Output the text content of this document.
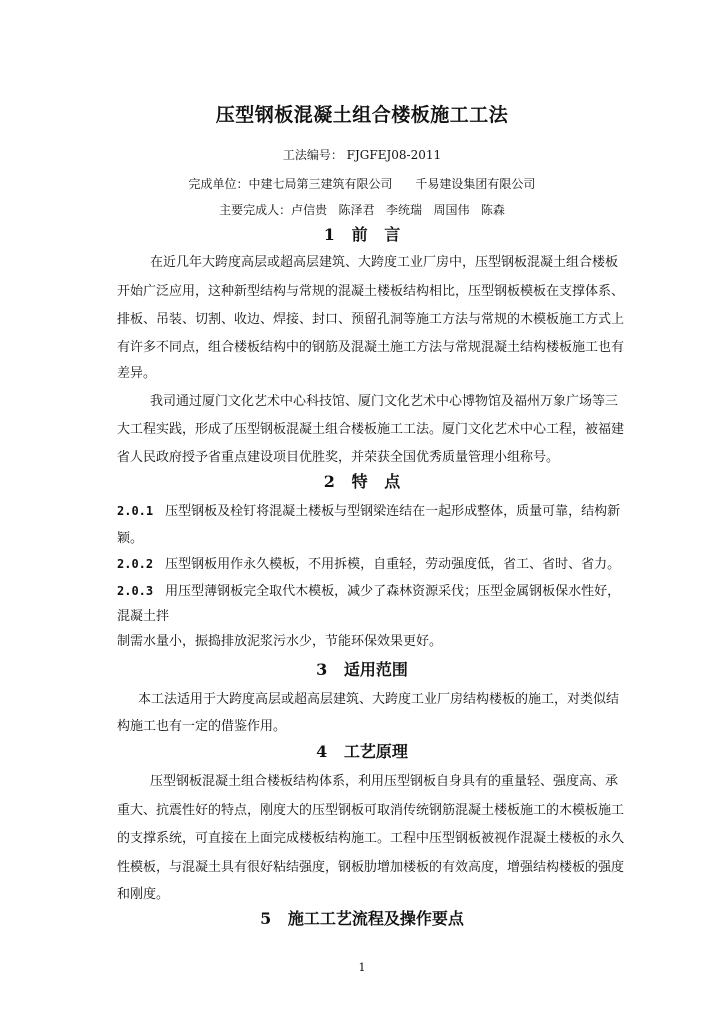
压型钢板混凝土组合楼板施工工法
工法编号： FJGFEJ08-2011
完成单位：中建七局第三建筑有限公司      千易建设集团有限公司
主要完成人：卢信贵   陈泽君   李统瑞   周国伟   陈森
1   前   言
在近几年大跨度高层或超高层建筑、大跨度工业厂房中，压型钢板混凝土组合楼板
开始广泛应用，这种新型结构与常规的混凝土楼板结构相比，压型钢板模板在支撑体系、
排板、吊装、切割、收边、焊接、封口、预留孔洞等施工方法与常规的木模板施工方式上
有许多不同点，组合楼板结构中的钢筋及混凝土施工方法与常规混凝土结构楼板施工也有
差异。
我司通过厦门文化艺术中心科技馆、厦门文化艺术中心博物馆及福州万象广场等三
大工程实践，形成了压型钢板混凝土组合楼板施工工法。厦门文化艺术中心工程，被福建
省人民政府授予省重点建设项目优胜奖，并荣获全国优秀质量管理小组称号。
2   特   点
2.0.1 压型钢板及栓钉将混凝土楼板与型钢梁连结在一起形成整体，质量可靠，结构新
颖。
2.0.2 压型钢板用作永久模板，不用拆模，自重轻，劳动强度低，省工、省时、省力。
2.0.3 用压型薄钢板完全取代木模板，减少了森林资源采伐；压型金属钢板保水性好，
混凝土拌
制需水量小，振捣排放泥浆污水少，节能环保效果更好。
3   适用范围
本工法适用于大跨度高层或超高层建筑、大跨度工业厂房结构楼板的施工，对类似结
构施工也有一定的借鉴作用。
4   工艺原理
压型钢板混凝土组合楼板结构体系，利用压型钢板自身具有的重量轻、强度高、承
重大、抗震性好的特点，刚度大的压型钢板可取消传统钢筋混凝土楼板施工的木模板施工
的支撑系统，可直接在上面完成楼板结构施工。工程中压型钢板被视作混凝土楼板的永久
性模板，与混凝土具有很好粘结强度，钢板肋增加楼板的有效高度，增强结构楼板的强度
和刚度。
5   施工工艺流程及操作要点
1
